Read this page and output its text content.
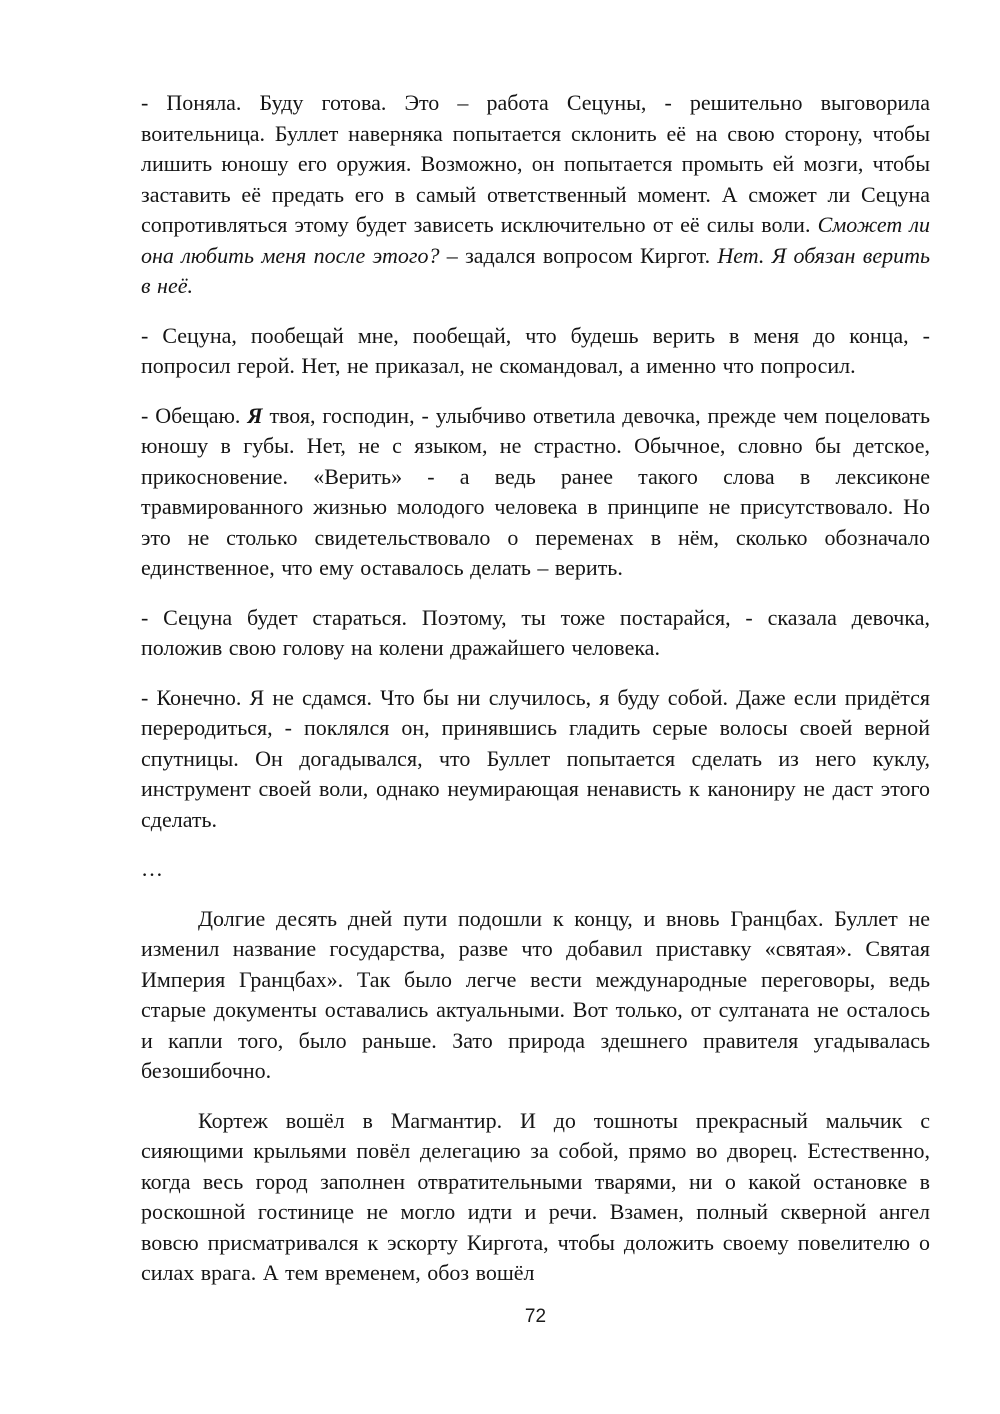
- Поняла. Буду готова. Это – работа Сецуны, - решительно выговорила воительница. Буллет наверняка попытается склонить её на свою сторону, чтобы лишить юношу его оружия. Возможно, он попытается промыть ей мозги, чтобы заставить её предать его в самый ответственный момент. А сможет ли Сецуна сопротивляться этому будет зависеть исключительно от её силы воли. Сможет ли она любить меня после этого? – задался вопросом Киргот. Нет. Я обязан верить в неё.

- Сецуна, пообещай мне, пообещай, что будешь верить в меня до конца, - попросил герой. Нет, не приказал, не скомандовал, а именно что попросил.

- Обещаю. Я твоя, господин, - улыбчиво ответила девочка, прежде чем поцеловать юношу в губы. Нет, не с языком, не страстно. Обычное, словно бы детское, прикосновение. «Верить» - а ведь ранее такого слова в лексиконе травмированного жизнью молодого человека в принципе не присутствовало. Но это не столько свидетельствовало о переменах в нём, сколько обозначало единственное, что ему оставалось делать – верить.

- Сецуна будет стараться. Поэтому, ты тоже постарайся, - сказала девочка, положив свою голову на колени дражайшего человека.

- Конечно. Я не сдамся. Что бы ни случилось, я буду собой. Даже если придётся переродиться, - поклялся он, принявшись гладить серые волосы своей верной спутницы. Он догадывался, что Буллет попытается сделать из него куклу, инструмент своей воли, однако неумирающая ненависть к канониру не даст этого сделать.

…

Долгие десять дней пути подошли к концу, и вновь Гранцбах. Буллет не изменил название государства, разве что добавил приставку «святая». Святая Империя Гранцбах». Так было легче вести международные переговоры, ведь старые документы оставались актуальными. Вот только, от султаната не осталось и капли того, было раньше. Зато природа здешнего правителя угадывалась безошибочно.

Кортеж вошёл в Магмантир. И до тошноты прекрасный мальчик с сияющими крыльями повёл делегацию за собой, прямо во дворец. Естественно, когда весь город заполнен отвратительными тварями, ни о какой остановке в роскошной гостинице не могло идти и речи. Взамен, полный скверной ангел вовсю присматривался к эскорту Киргота, чтобы доложить своему повелителю о силах врага. А тем временем, обоз вошёл

72
